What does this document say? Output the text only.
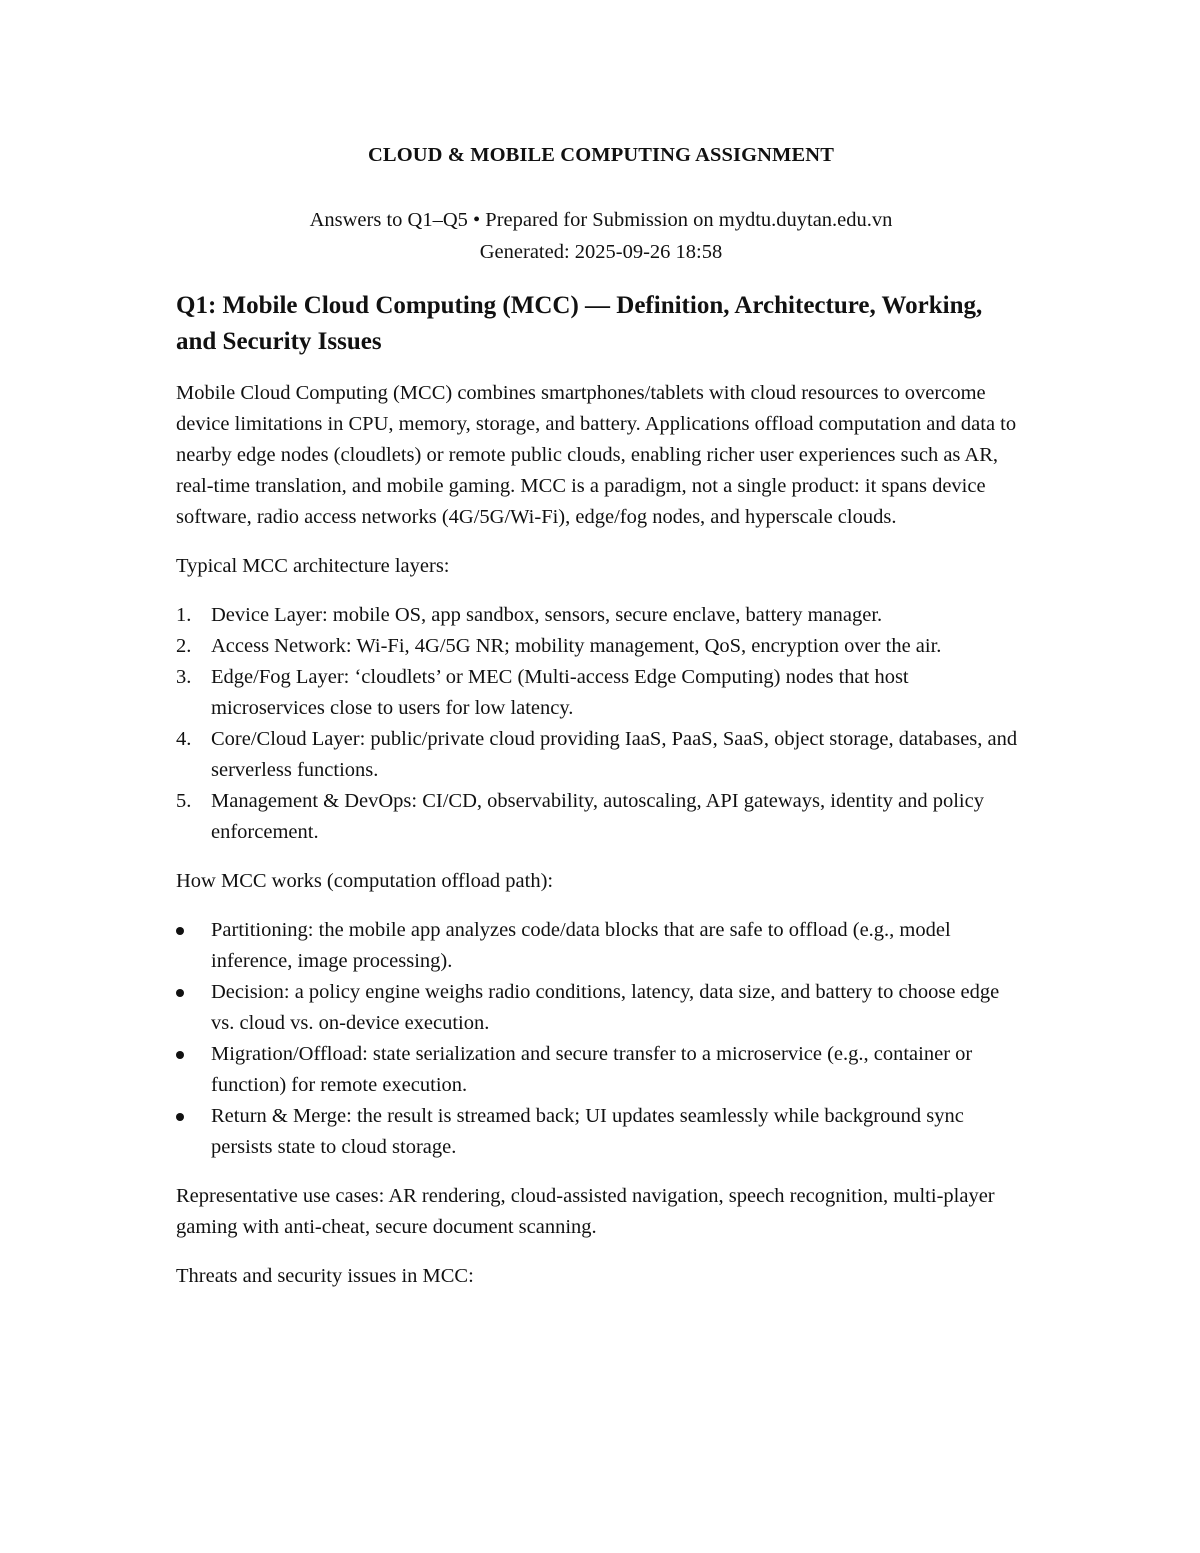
CLOUD & MOBILE COMPUTING ASSIGNMENT
Answers to Q1–Q5 • Prepared for Submission on mydtu.duytan.edu.vn
Generated: 2025-09-26 18:58
Q1: Mobile Cloud Computing (MCC) — Definition, Architecture, Working, and Security Issues

Mobile Cloud Computing (MCC) combines smartphones/tablets with cloud resources to overcome device limitations in CPU, memory, storage, and battery. Applications offload computation and data to nearby edge nodes (cloudlets) or remote public clouds, enabling richer user experiences such as AR, real-time translation, and mobile gaming. MCC is a paradigm, not a single product: it spans device software, radio access networks (4G/5G/Wi-Fi), edge/fog nodes, and hyperscale clouds.

Typical MCC architecture layers:

1. Device Layer: mobile OS, app sandbox, sensors, secure enclave, battery manager.
2. Access Network: Wi-Fi, 4G/5G NR; mobility management, QoS, encryption over the air.
3. Edge/Fog Layer: ‘cloudlets’ or MEC (Multi-access Edge Computing) nodes that host microservices close to users for low latency.
4. Core/Cloud Layer: public/private cloud providing IaaS, PaaS, SaaS, object storage, databases, and serverless functions.
5. Management & DevOps: CI/CD, observability, autoscaling, API gateways, identity and policy enforcement.

How MCC works (computation offload path):

Partitioning: the mobile app analyzes code/data blocks that are safe to offload (e.g., model inference, image processing).
Decision: a policy engine weighs radio conditions, latency, data size, and battery to choose edge vs. cloud vs. on-device execution.
Migration/Offload: state serialization and secure transfer to a microservice (e.g., container or function) for remote execution.
Return & Merge: the result is streamed back; UI updates seamlessly while background sync persists state to cloud storage.

Representative use cases: AR rendering, cloud-assisted navigation, speech recognition, multi-player gaming with anti-cheat, secure document scanning.

Threats and security issues in MCC:
